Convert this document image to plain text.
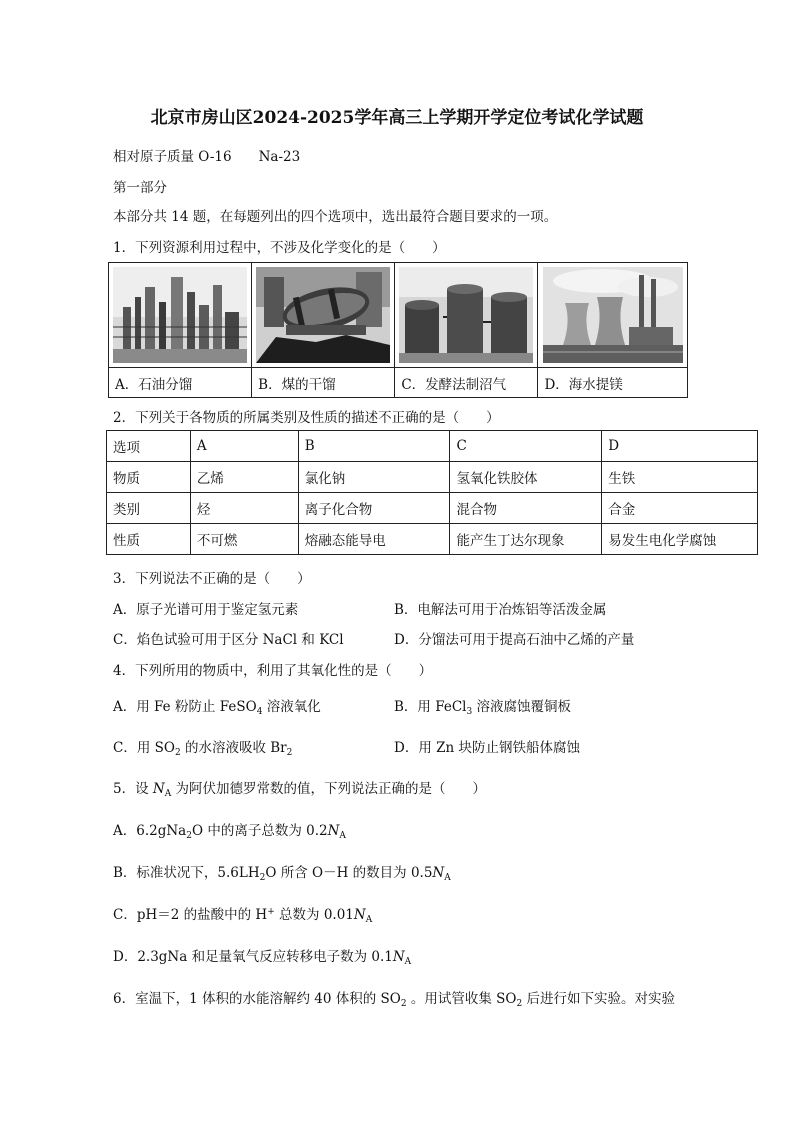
北京市房山区2024-2025学年高三上学期开学定位考试化学试题
相对原子质量 O-16　　Na-23
第一部分
本部分共 14 题，在每题列出的四个选项中，选出最符合题目要求的一项。
1．下列资源利用过程中，不涉及化学变化的是（　　）

A．石油分馏	B．煤的干馏	C．发酵法制沼气	D．海水提镁
2．下列关于各物质的所属类别及性质的描述不正确的是（　　）
选项	A	B	C	D
物质	乙烯	氯化钠	氢氧化铁胶体	生铁
类别	烃	离子化合物	混合物	合金
性质	不可燃	熔融态能导电	能产生丁达尔现象	易发生电化学腐蚀
3．下列说法不正确的是（　　）
A．原子光谱可用于鉴定氢元素	B．电解法可用于冶炼铝等活泼金属
C．焰色试验可用于区分 NaCl 和 KCl	D．分馏法可用于提高石油中乙烯的产量
4．下列所用的物质中，利用了其氧化性的是（　　）
A．用 Fe 粉防止 FeSO$_4$ 溶液氧化	B．用 FeCl$_3$ 溶液腐蚀覆铜板
C．用 $SO_2$ 的水溶液吸收 $Br_2$	D．用 Zn 块防止钢铁船体腐蚀
5．设 $N_A$ 为阿伏加德罗常数的值，下列说法正确的是（　　）
A．6.2gNa$_2$O 中的离子总数为 $0.2N_A$
B．标准状况下，$5.6LH_2O$ 所含 O－H 的数目为 $0.5N_A$
C．pH＝2 的盐酸中的 H+ 总数为 $0.01N_A$
D．2.3gNa 和足量氧气反应转移电子数为 $0.1N_A$
6．室温下，1 体积的水能溶解约 40 体积的 $SO_2$ 。用试管收集 $SO_2$ 后进行如下实验。对实验
